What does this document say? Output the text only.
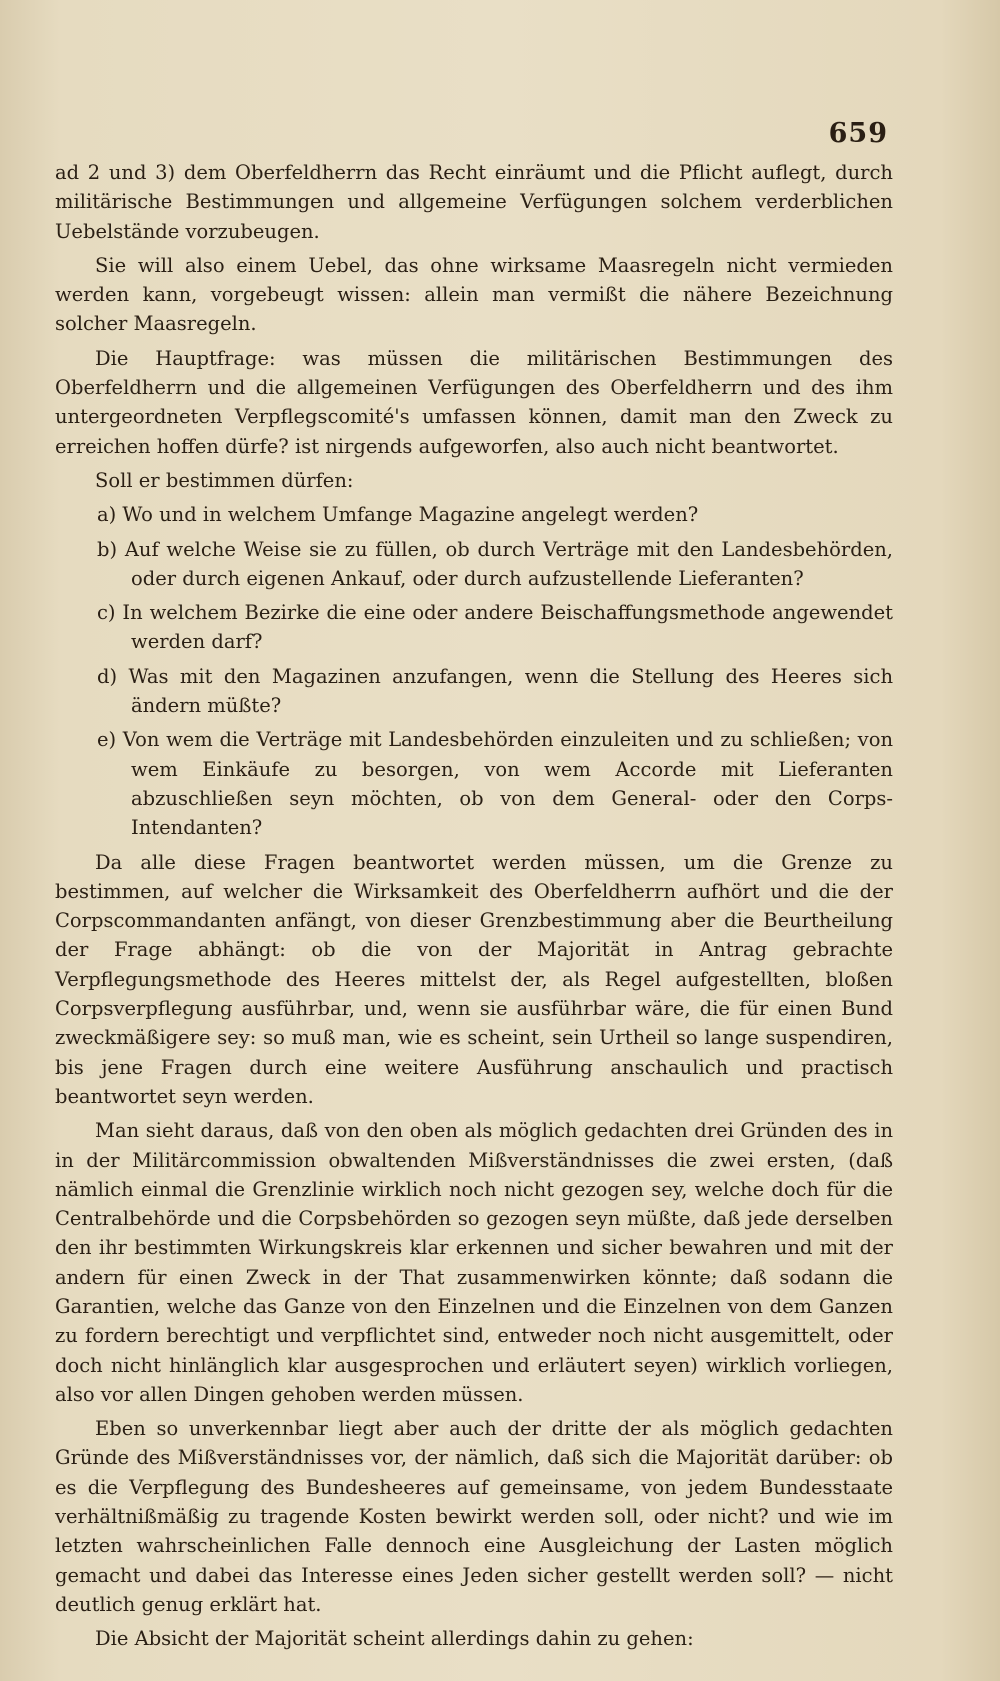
659

ad 2 und 3) dem Oberfeldherrn das Recht einräumt und die Pflicht auflegt, durch militärische Bestimmungen und allgemeine Verfügungen solchem verderblichen Uebelstände vorzubeugen.

Sie will also einem Uebel, das ohne wirksame Maasregeln nicht vermieden werden kann, vorgebeugt wissen: allein man vermißt die nähere Bezeichnung solcher Maasregeln.

Die Hauptfrage: was müssen die militärischen Bestimmungen des Oberfeldherrn und die allgemeinen Verfügungen des Oberfeldherrn und des ihm untergeordneten Verpflegscomité's umfassen können, damit man den Zweck zu erreichen hoffen dürfe? ist nirgends aufgeworfen, also auch nicht beantwortet.

Soll er bestimmen dürfen:

a) Wo und in welchem Umfange Magazine angelegt werden?

b) Auf welche Weise sie zu füllen, ob durch Verträge mit den Landesbehörden, oder durch eigenen Ankauf, oder durch aufzustellende Lieferanten?

c) In welchem Bezirke die eine oder andere Beischaffungsmethode angewendet werden darf?

d) Was mit den Magazinen anzufangen, wenn die Stellung des Heeres sich ändern müßte?

e) Von wem die Verträge mit Landesbehörden einzuleiten und zu schließen; von wem Einkäufe zu besorgen, von wem Accorde mit Lieferanten abzuschließen seyn möchten, ob von dem General- oder den Corps-Intendanten?

Da alle diese Fragen beantwortet werden müssen, um die Grenze zu bestimmen, auf welcher die Wirksamkeit des Oberfeldherrn aufhört und die der Corpscommandanten anfängt, von dieser Grenzbestimmung aber die Beurtheilung der Frage abhängt: ob die von der Majorität in Antrag gebrachte Verpflegungsmethode des Heeres mittelst der, als Regel aufgestellten, bloßen Corpsverpflegung ausführbar, und, wenn sie ausführbar wäre, die für einen Bund zweckmäßigere sey: so muß man, wie es scheint, sein Urtheil so lange suspendiren, bis jene Fragen durch eine weitere Ausführung anschaulich und practisch beantwortet seyn werden.

Man sieht daraus, daß von den oben als möglich gedachten drei Gründen des in in der Militärcommission obwaltenden Mißverständnisses die zwei ersten, (daß nämlich einmal die Grenzlinie wirklich noch nicht gezogen sey, welche doch für die Centralbehörde und die Corpsbehörden so gezogen seyn müßte, daß jede derselben den ihr bestimmten Wirkungskreis klar erkennen und sicher bewahren und mit der andern für einen Zweck in der That zusammenwirken könnte; daß sodann die Garantien, welche das Ganze von den Einzelnen und die Einzelnen von dem Ganzen zu fordern berechtigt und verpflichtet sind, entweder noch nicht ausgemittelt, oder doch nicht hinlänglich klar ausgesprochen und erläutert seyen) wirklich vorliegen, also vor allen Dingen gehoben werden müssen.

Eben so unverkennbar liegt aber auch der dritte der als möglich gedachten Gründe des Mißverständnisses vor, der nämlich, daß sich die Majorität darüber: ob es die Verpflegung des Bundesheeres auf gemeinsame, von jedem Bundesstaate verhältnißmäßig zu tragende Kosten bewirkt werden soll, oder nicht? und wie im letzten wahrscheinlichen Falle dennoch eine Ausgleichung der Lasten möglich gemacht und dabei das Interesse eines Jeden sicher gestellt werden soll? — nicht deutlich genug erklärt hat.

Die Absicht der Majorität scheint allerdings dahin zu gehen:
